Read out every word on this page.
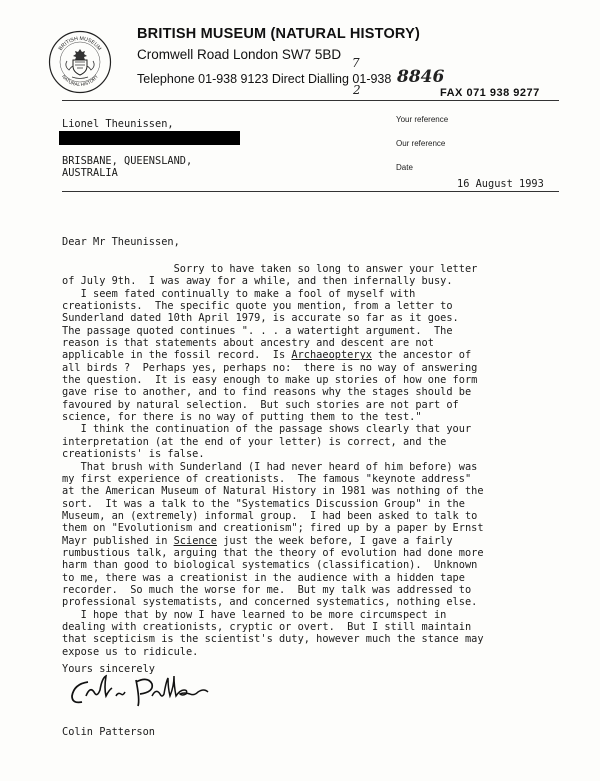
BRITISH MUSEUM
NATURAL HISTORY
BRITISH MUSEUM (NATURAL HISTORY)
Cromwell Road London SW7 5BD
Telephone 01-938 9123 Direct Dialling 01-938
7
2
8846
FAX 071 938 9277
Lionel Theunissen,
BRISBANE, QUEENSLAND,
AUSTRALIA
Your reference
Our reference
Date
16 August 1993
Dear Mr Theunissen,
Sorry to have taken so long to answer your letter
of July 9th.  I was away for a while, and then infernally busy.
I seem fated continually to make a fool of myself with
creationists.  The specific quote you mention, from a letter to
Sunderland dated 10th April 1979, is accurate so far as it goes.
The passage quoted continues ". . . a watertight argument.  The
reason is that statements about ancestry and descent are not
applicable in the fossil record.  Is Archaeopteryx the ancestor of
all birds ?  Perhaps yes, perhaps no:  there is no way of answering
the question.  It is easy enough to make up stories of how one form
gave rise to another, and to find reasons why the stages should be
favoured by natural selection.  But such stories are not part of
science, for there is no way of putting them to the test."
I think the continuation of the passage shows clearly that your
interpretation (at the end of your letter) is correct, and the
creationists' is false.
That brush with Sunderland (I had never heard of him before) was
my first experience of creationists.  The famous "keynote address"
at the American Museum of Natural History in 1981 was nothing of the
sort.  It was a talk to the "Systematics Discussion Group" in the
Museum, an (extremely) informal group.  I had been asked to talk to
them on "Evolutionism and creationism"; fired up by a paper by Ernst
Mayr published in Science just the week before, I gave a fairly
rumbustious talk, arguing that the theory of evolution had done more
harm than good to biological systematics (classification).  Unknown
to me, there was a creationist in the audience with a hidden tape
recorder.  So much the worse for me.  But my talk was addressed to
professional systematists, and concerned systematics, nothing else.
I hope that by now I have learned to be more circumspect in
dealing with creationists, cryptic or overt.  But I still maintain
that scepticism is the scientist's duty, however much the stance may
expose us to ridicule.
Yours sincerely
Colin Patterson
